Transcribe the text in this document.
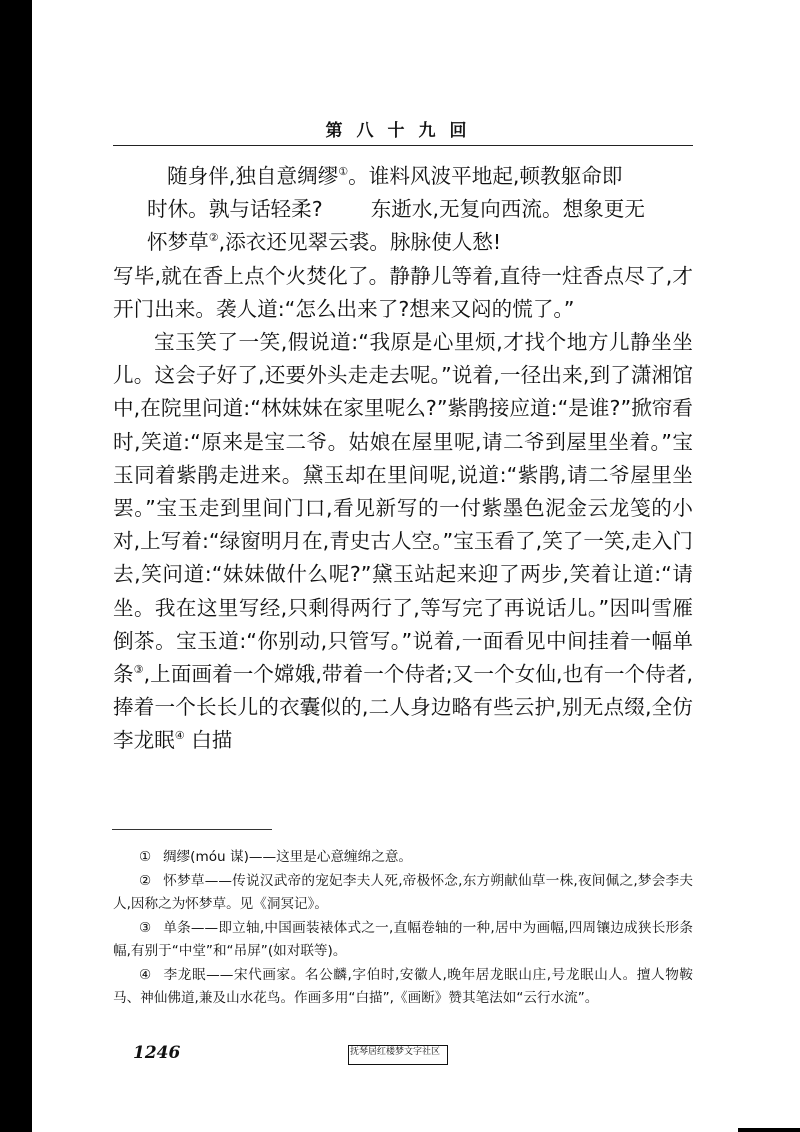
第八十九回

随身伴,独自意绸缪①。谁料风波平地起,顿教躯命即

时休。孰与话轻柔? 东逝水,无复向西流。想象更无

怀梦草②,添衣还见翠云裘。脉脉使人愁!

写毕,就在香上点个火焚化了。静静儿等着,直待一炷香点尽了,才开门出来。袭人道:“怎么出来了?想来又闷的慌了。”

宝玉笑了一笑,假说道:“我原是心里烦,才找个地方儿静坐坐儿。这会子好了,还要外头走走去呢。”说着,一径出来,到了潇湘馆中,在院里问道:“林妹妹在家里呢么?”紫鹃接应道:“是谁?”掀帘看时,笑道:“原来是宝二爷。姑娘在屋里呢,请二爷到屋里坐着。”宝玉同着紫鹃走进来。黛玉却在里间呢,说道:“紫鹃,请二爷屋里坐罢。”宝玉走到里间门口,看见新写的一付紫墨色泥金云龙笺的小对,上写着:“绿窗明月在,青史古人空。”宝玉看了,笑了一笑,走入门去,笑问道:“妹妹做什么呢?”黛玉站起来迎了两步,笑着让道:“请坐。我在这里写经,只剩得两行了,等写完了再说话儿。”因叫雪雁倒茶。宝玉道:“你别动,只管写。”说着,一面看见中间挂着一幅单条③,上面画着一个嫦娥,带着一个侍者;又一个女仙,也有一个侍者,捧着一个长长儿的衣囊似的,二人身边略有些云护,别无点缀,全仿李龙眠④ 白描

① 绸缪(móu 谋)——这里是心意缠绵之意。

② 怀梦草——传说汉武帝的宠妃李夫人死,帝极怀念,东方朔献仙草一株,夜间佩之,梦会李夫人,因称之为怀梦草。见《洞冥记》。

③ 单条——即立轴,中国画装裱体式之一,直幅卷轴的一种,居中为画幅,四周镶边成狭长形条幅,有别于“中堂”和“吊屏”(如对联等)。

④ 李龙眠——宋代画家。名公麟,字伯时,安徽人,晚年居龙眠山庄,号龙眠山人。擅人物鞍马、神仙佛道,兼及山水花鸟。作画多用“白描”,《画断》赞其笔法如“云行水流”。

1246	抚琴居红楼梦文字社区
